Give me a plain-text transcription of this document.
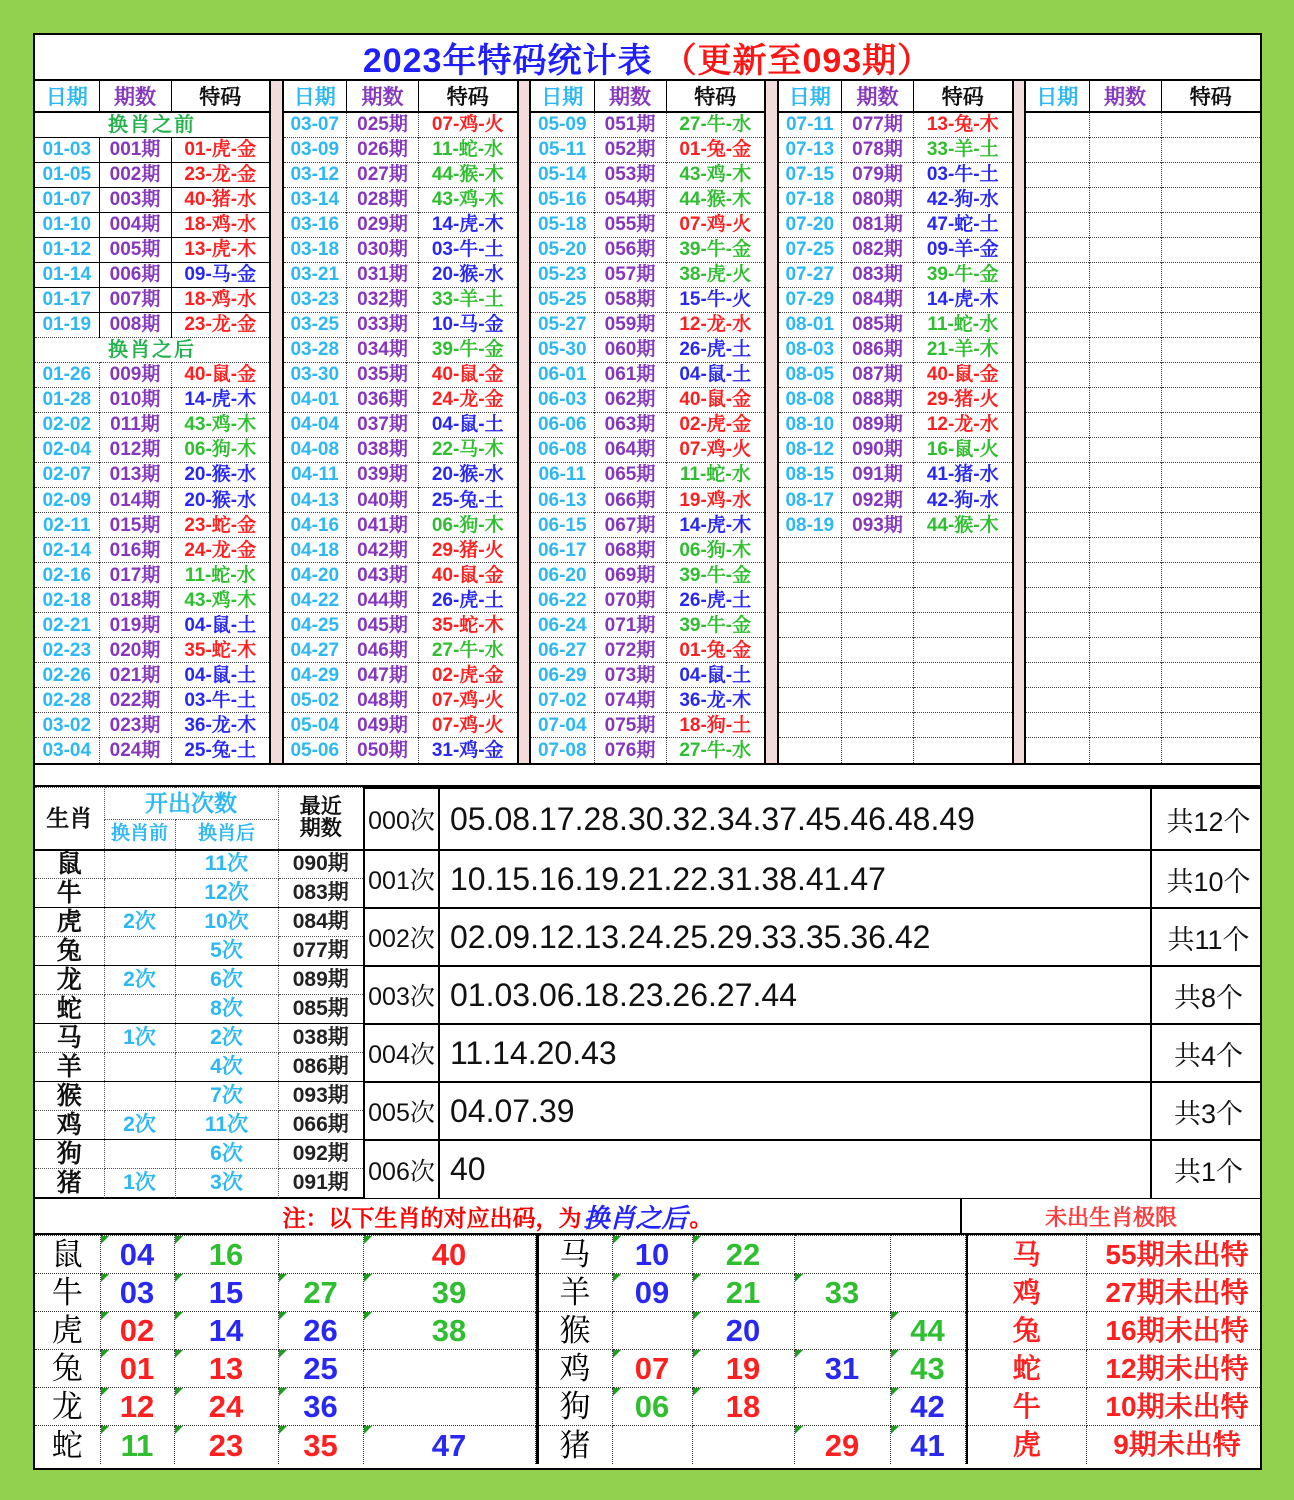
2023年特码统计表 （更新至093期）
日期	期数	特码
换肖之前		
01-03	001期	01-虎-金
01-05	002期	23-龙-金
01-07	003期	40-猪-水
01-10	004期	18-鸡-水
01-12	005期	13-虎-木
01-14	006期	09-马-金
01-17	007期	18-鸡-水
01-19	008期	23-龙-金
换肖之后		
01-26	009期	40-鼠-金
01-28	010期	14-虎-木
02-02	011期	43-鸡-木
02-04	012期	06-狗-木
02-07	013期	20-猴-水
02-09	014期	20-猴-水
02-11	015期	23-蛇-金
02-14	016期	24-龙-金
02-16	017期	11-蛇-水
02-18	018期	43-鸡-木
02-21	019期	04-鼠-土
02-23	020期	35-蛇-木
02-26	021期	04-鼠-土
02-28	022期	03-牛-土
03-02	023期	36-龙-木
03-04	024期	25-兔-土
日期	期数	特码
03-07	025期	07-鸡-火
03-09	026期	11-蛇-水
03-12	027期	44-猴-木
03-14	028期	43-鸡-木
03-16	029期	14-虎-木
03-18	030期	03-牛-土
03-21	031期	20-猴-水
03-23	032期	33-羊-土
03-25	033期	10-马-金
03-28	034期	39-牛-金
03-30	035期	40-鼠-金
04-01	036期	24-龙-金
04-04	037期	04-鼠-土
04-08	038期	22-马-木
04-11	039期	20-猴-水
04-13	040期	25-兔-土
04-16	041期	06-狗-木
04-18	042期	29-猪-火
04-20	043期	40-鼠-金
04-22	044期	26-虎-土
04-25	045期	35-蛇-木
04-27	046期	27-牛-水
04-29	047期	02-虎-金
05-02	048期	07-鸡-火
05-04	049期	07-鸡-火
05-06	050期	31-鸡-金
日期	期数	特码
05-09	051期	27-牛-水
05-11	052期	01-兔-金
05-14	053期	43-鸡-木
05-16	054期	44-猴-木
05-18	055期	07-鸡-火
05-20	056期	39-牛-金
05-23	057期	38-虎-火
05-25	058期	15-牛-火
05-27	059期	12-龙-水
05-30	060期	26-虎-土
06-01	061期	04-鼠-土
06-03	062期	40-鼠-金
06-06	063期	02-虎-金
06-08	064期	07-鸡-火
06-11	065期	11-蛇-水
06-13	066期	19-鸡-水
06-15	067期	14-虎-木
06-17	068期	06-狗-木
06-20	069期	39-牛-金
06-22	070期	26-虎-土
06-24	071期	39-牛-金
06-27	072期	01-兔-金
06-29	073期	04-鼠-土
07-02	074期	36-龙-木
07-04	075期	18-狗-土
07-08	076期	27-牛-水
日期	期数	特码
07-11	077期	13-兔-木
07-13	078期	33-羊-土
07-15	079期	03-牛-土
07-18	080期	42-狗-水
07-20	081期	47-蛇-土
07-25	082期	09-羊-金
07-27	083期	39-牛-金
07-29	084期	14-虎-木
08-01	085期	11-蛇-水
08-03	086期	21-羊-木
08-05	087期	40-鼠-金
08-08	088期	29-猪-火
08-10	089期	12-龙-水
08-12	090期	16-鼠-火
08-15	091期	41-猪-水
08-17	092期	42-狗-水
08-19	093期	44-猴-木

日期	期数	特码

生肖	开出次数		最近
期数

	换肖前	换肖后	
鼠		11次	090期
牛		12次	083期
虎	2次	10次	084期
兔		5次	077期
龙	2次	6次	089期
蛇		8次	085期
马	1次	2次	038期
羊		4次	086期
猴		7次	093期
鸡	2次	11次	066期
狗		6次	092期
猪	1次	3次	091期
000次	05.08.17.28.30.32.34.37.45.46.48.49	共12个
001次	10.15.16.19.21.22.31.38.41.47	共10个
002次	02.09.12.13.24.25.29.33.35.36.42	共11个
003次	01.03.06.18.23.26.27.44	共8个
004次	11.14.20.43	共4个
005次	04.07.39	共3个
006次	40	共1个
注：以下生肖的对应出码，为 换肖之后 。	未出生肖极限
鼠	04	16		40
牛	03	15	27	39
虎	02	14	26	38
兔	01	13	25	
龙	12	24	36	
蛇	11	23	35	47
马	10	22		
羊	09	21	33	
猴		20		44
鸡	07	19	31	43
狗	06	18		42
猪			29	41
马	55期未出特
鸡	27期未出特
兔	16期未出特
蛇	12期未出特
牛	10期未出特
虎	9期未出特
